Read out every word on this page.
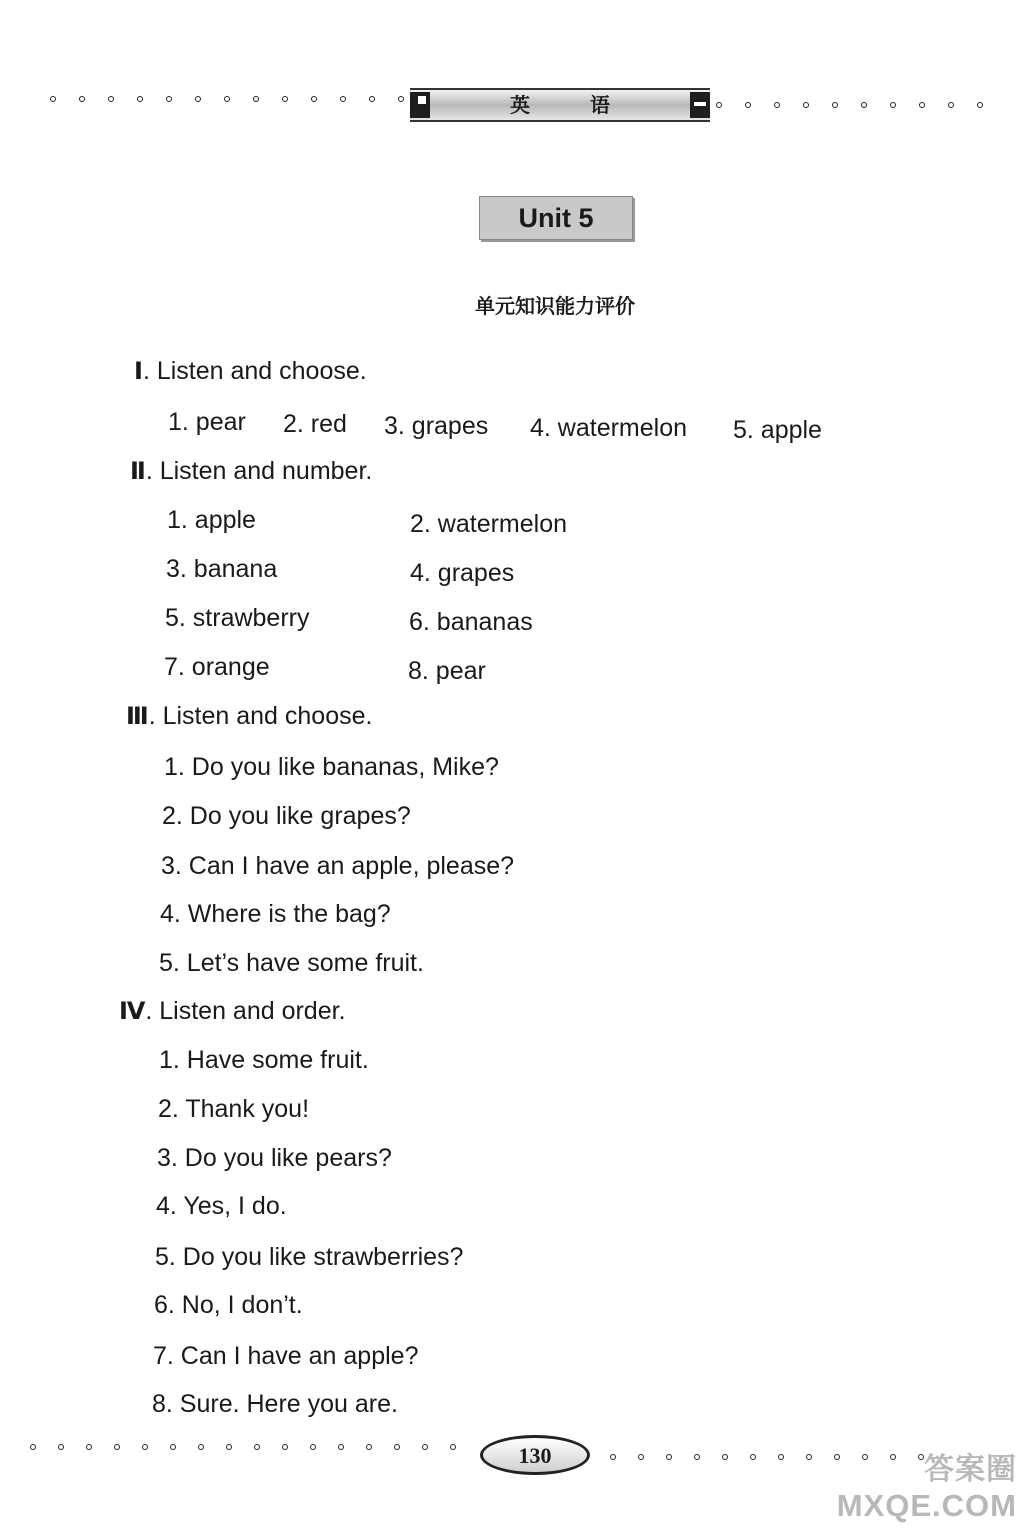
英语
Unit 5
单元知识能力评价
Ⅰ. Listen and choose.
1. pear 2. red 3. grapes 4. watermelon 5. apple
Ⅱ. Listen and number.
1. apple	2. watermelon
3. banana	4. grapes
5. strawberry	6. bananas
7. orange	8. pear
Ⅲ. Listen and choose.
1. Do you like bananas, Mike?
2. Do you like grapes?
3. Can I have an apple, please?
4. Where is the bag?
5. Let’s have some fruit.
Ⅳ. Listen and order.
1. Have some fruit.
2. Thank you!
3. Do you like pears?
4. Yes, I do.
5. Do you like strawberries?
6. No, I don’t.
7. Can I have an apple?
8. Sure. Here you are.
130	答案圈
MXQE.COM
